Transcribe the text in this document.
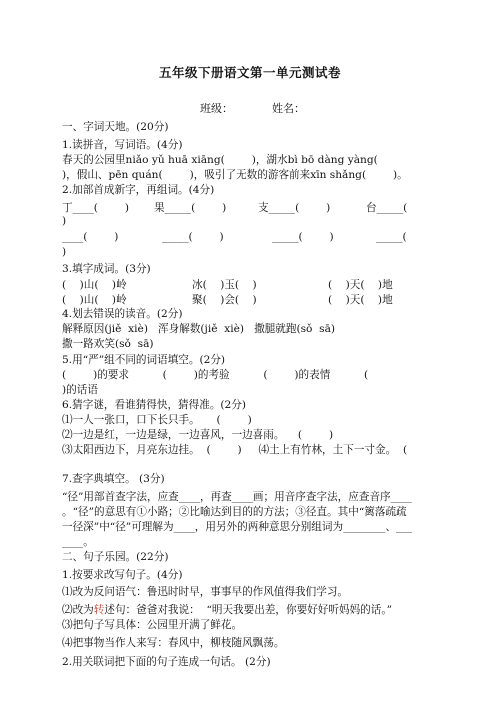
五年级下册语文第一单元测试卷
班级：	姓名：
一、字词天地。(20分)
1.读拼音，写词语。(4分)
春天的公园里niǎo yǔ huā xiāng(        )，湖水bì bō dàng yàng(
)，假山、pēn quán(        )，吸引了无数的游客前来xīn shǎng(        )。
2.加部首成新字，再组词。(4分)
丁____(        ) 果_____(        )	支_____(        )	台_____(
)
____(        )	_____(        )	_____(        )	_____(
)
3.填字成词。(3分)
(    )山(    )岭	冰(    )玉(    )	(    )天(    )地
(    )山(    )岭	聚(    )会(    )	(    )天(    )地
4.划去错误的读音。(2分)
解释原因(jiě  xiè)   浑身解数(jiě  xiè)   撒腿就跑(sǒ  sā)
撒一路欢笑(sǒ  sā)
5.用“严”组不同的词语填空。(2分)
(        )的要求          (        )的考验          (        )的表情          (
)的话语
6.猜字谜，看谁猜得快，猜得准。(2分)
⑴一人一张口，口下长只手。     (        )
⑵一边是红，一边是绿，一边喜风，一边喜雨。    (        )
⑶太阳西边下，月亮东边挂。  (        )     ⑷土上有竹林，土下一寸金。  (
7.查字典填空。 (3分)
“径”用部首查字法，应查____，再查____画；用音序查字法，应查音序____
。“径”的意思有①小路；②比喻达到目的的方法；③径直。其中“篱落疏疏
一径深”中“径”可理解为____，用另外的两种意思分别组词为________、___
____。
二、句子乐园。(22分)
1.按要求改写句子。(4分)
⑴改为反问语气：鲁迅时时早，事事早的作风值得我们学习。
⑵改为转述句：爸爸对我说：  “明天我要出差，你要好好听妈妈的话。”
⑶把句子写具体：公园里开满了鲜花。
⑷把事物当作人来写：春风中，柳枝随风飘荡。
2.用关联词把下面的句子连成一句话。 (2分)
